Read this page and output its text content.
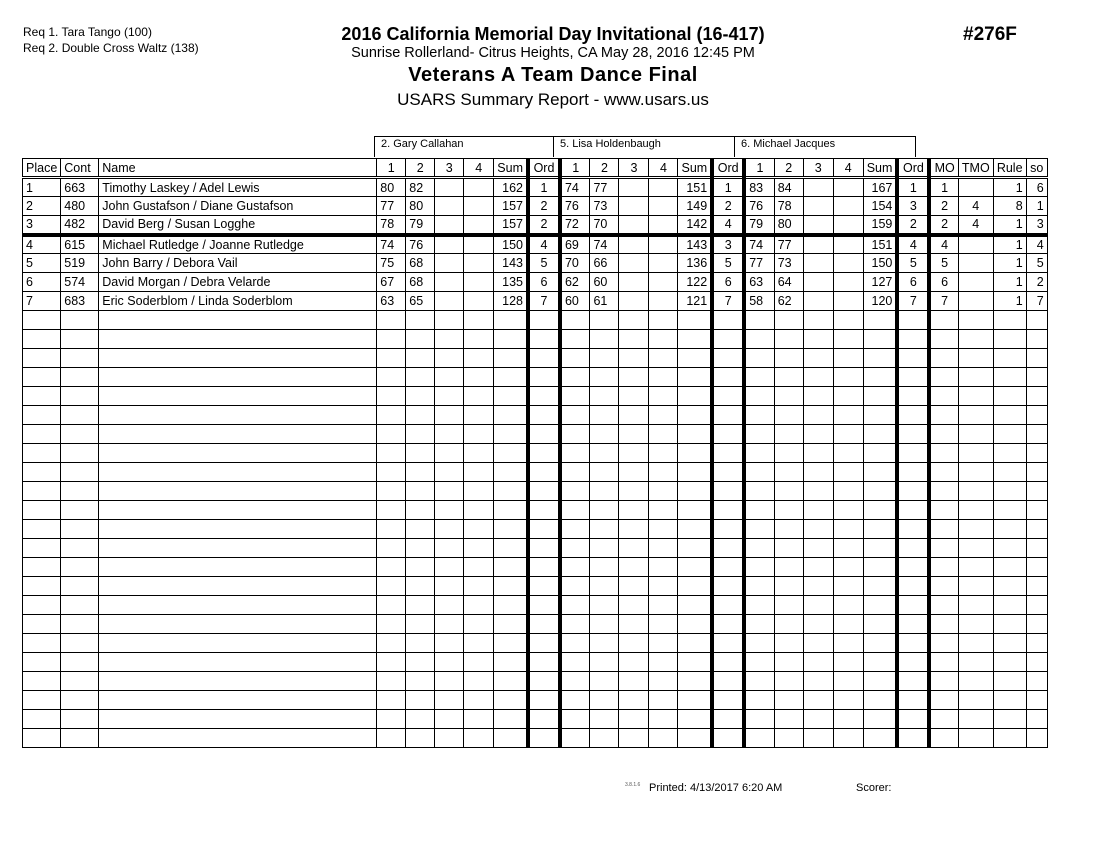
Req 1. Tara Tango (100)
Req 2. Double Cross Waltz (138)
2016 California Memorial Day Invitational (16-417)
Sunrise Rollerland- Citrus Heights, CA May 28, 2016 12:45 PM
Veterans A Team Dance Final
USARS Summary Report - www.usars.us
#276F
2. Gary Callahan	5. Lisa Holdenbaugh	6. Michael Jacques
Place	Cont	Name	1	2	3	4	Sum	Ord	1	2	3	4	Sum	Ord	1	2	3	4	Sum	Ord	MO	TMO	Rule	so
1	663	Timothy Laskey / Adel Lewis	80	82			162	1	74	77			151	1	83	84			167	1	1		1	6
2	480	John Gustafson / Diane Gustafson	77	80			157	2	76	73			149	2	76	78			154	3	2	4	8	1
3	482	David Berg / Susan Logghe	78	79			157	2	72	70			142	4	79	80			159	2	2	4	1	3
4	615	Michael Rutledge / Joanne Rutledge	74	76			150	4	69	74			143	3	74	77			151	4	4		1	4
5	519	John Barry / Debora Vail	75	68			143	5	70	66			136	5	77	73			150	5	5		1	5
6	574	David Morgan / Debra Velarde	67	68			135	6	62	60			122	6	63	64			127	6	6		1	2
7	683	Eric Soderblom / Linda Soderblom	63	65			128	7	60	61			121	7	58	62			120	7	7		1	7

3.8.1.6 Printed: 4/13/2017 6:20 AM	Scorer:
